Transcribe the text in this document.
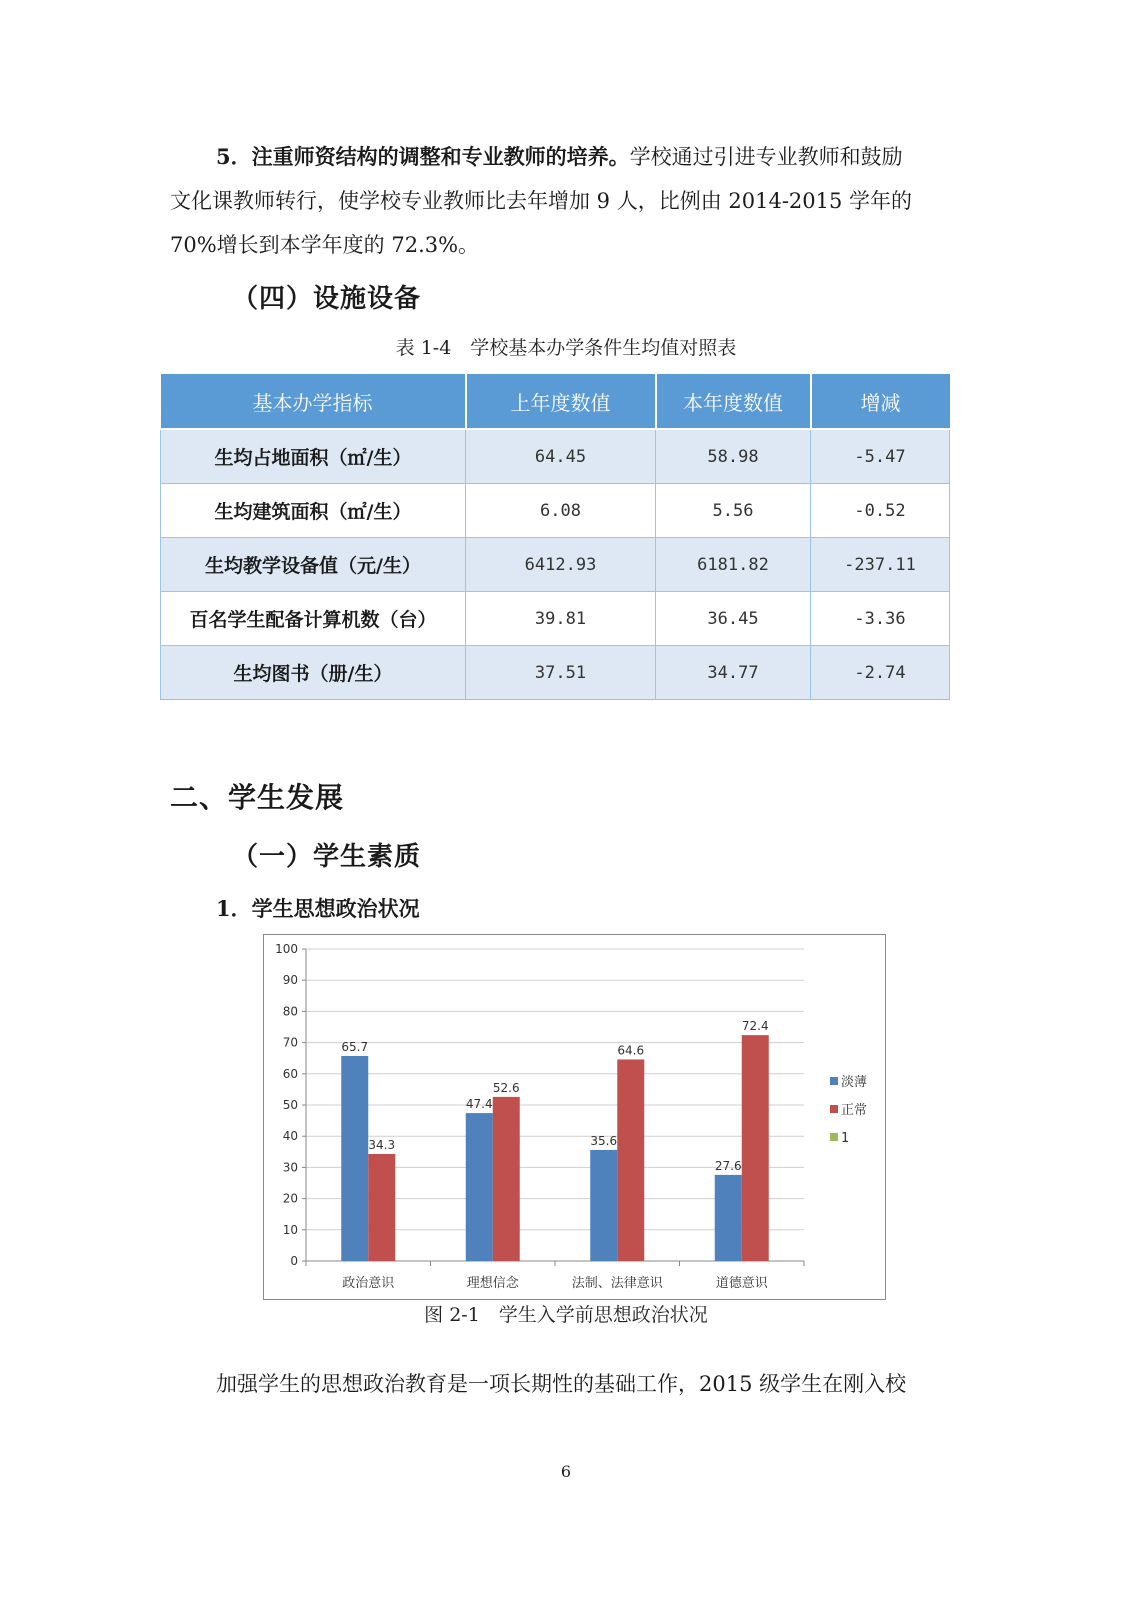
5．注重师资结构的调整和专业教师的培养。学校通过引进专业教师和鼓励
文化课教师转行，使学校专业教师比去年增加 9 人，比例由 2014-2015 学年的
70%增长到本学年度的 72.3%。
（四）设施设备
表 1-4　学校基本办学条件生均值对照表
基本办学指标	上年度数值	本年度数值	增减
生均占地面积（㎡/生）	64.45	58.98	-5.47
生均建筑面积（㎡/生）	6.08	5.56	-0.52
生均教学设备值（元/生）	6412.93	6181.82	-237.11
百名学生配备计算机数（台）	39.81	36.45	-3.36
生均图书（册/生）	37.51	34.77	-2.74
二、学生发展
（一）学生素质
1．学生思想政治状况
0
10
20
30
40
50
60
70
80
90
100
政治意识	理想信念	法制、法律意识	道德意识
65.7
34.3
47.4
52.6
35.6
64.6
27.6
72.4
淡薄
正常
1
图 2-1　学生入学前思想政治状况
加强学生的思想政治教育是一项长期性的基础工作，2015 级学生在刚入校
6
